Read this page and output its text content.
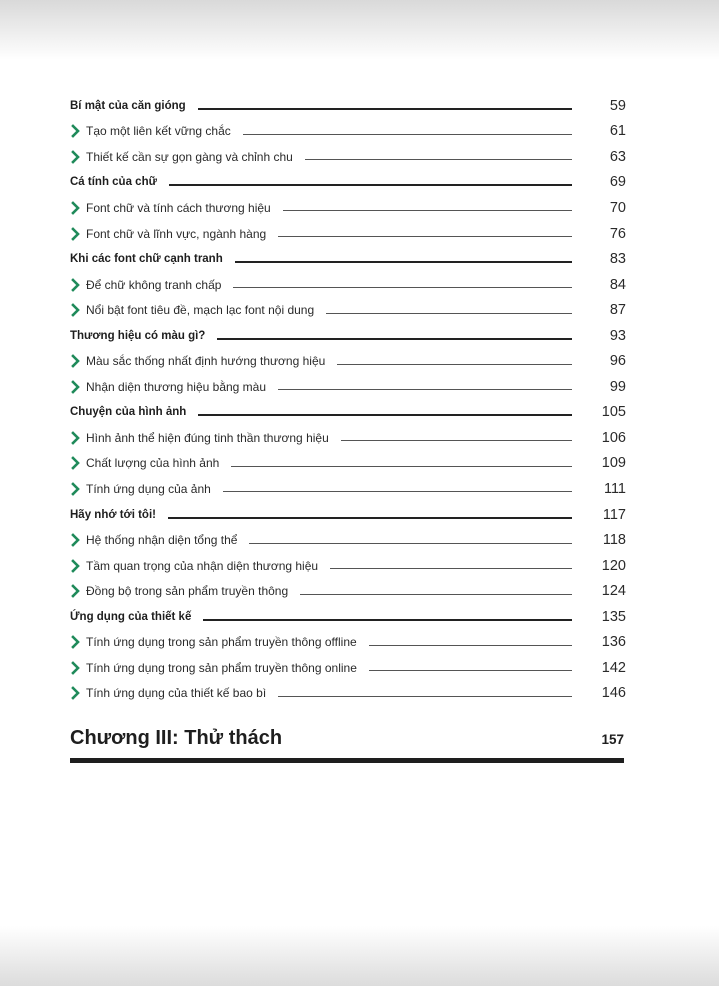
Bí mật của căn gióng	59
Tạo một liên kết vững chắc	61
Thiết kế cần sự gọn gàng và chỉnh chu	63
Cá tính của chữ	69
Font chữ và tính cách thương hiệu	70
Font chữ và lĩnh vực, ngành hàng	76
Khi các font chữ cạnh tranh	83
Để chữ không tranh chấp	84
Nổi bật font tiêu đề, mạch lạc font nội dung	87
Thương hiệu có màu gì?	93
Màu sắc thống nhất định hướng thương hiệu	96
Nhận diện thương hiệu bằng màu	99
Chuyện của hình ảnh	105
Hình ảnh thể hiện đúng tinh thần thương hiệu	106
Chất lượng của hình ảnh	109
Tính ứng dụng của ảnh	111
Hãy nhớ tới tôi!	117
Hệ thống nhận diện tổng thể	118
Tầm quan trọng của nhận diện thương hiệu	120
Đồng bộ trong sản phẩm truyền thông	124
Ứng dụng của thiết kế	135
Tính ứng dụng trong sản phẩm truyền thông offline	136
Tính ứng dụng trong sản phẩm truyền thông online	142
Tính ứng dụng của thiết kế bao bì	146
Chương III: Thử thách	157
